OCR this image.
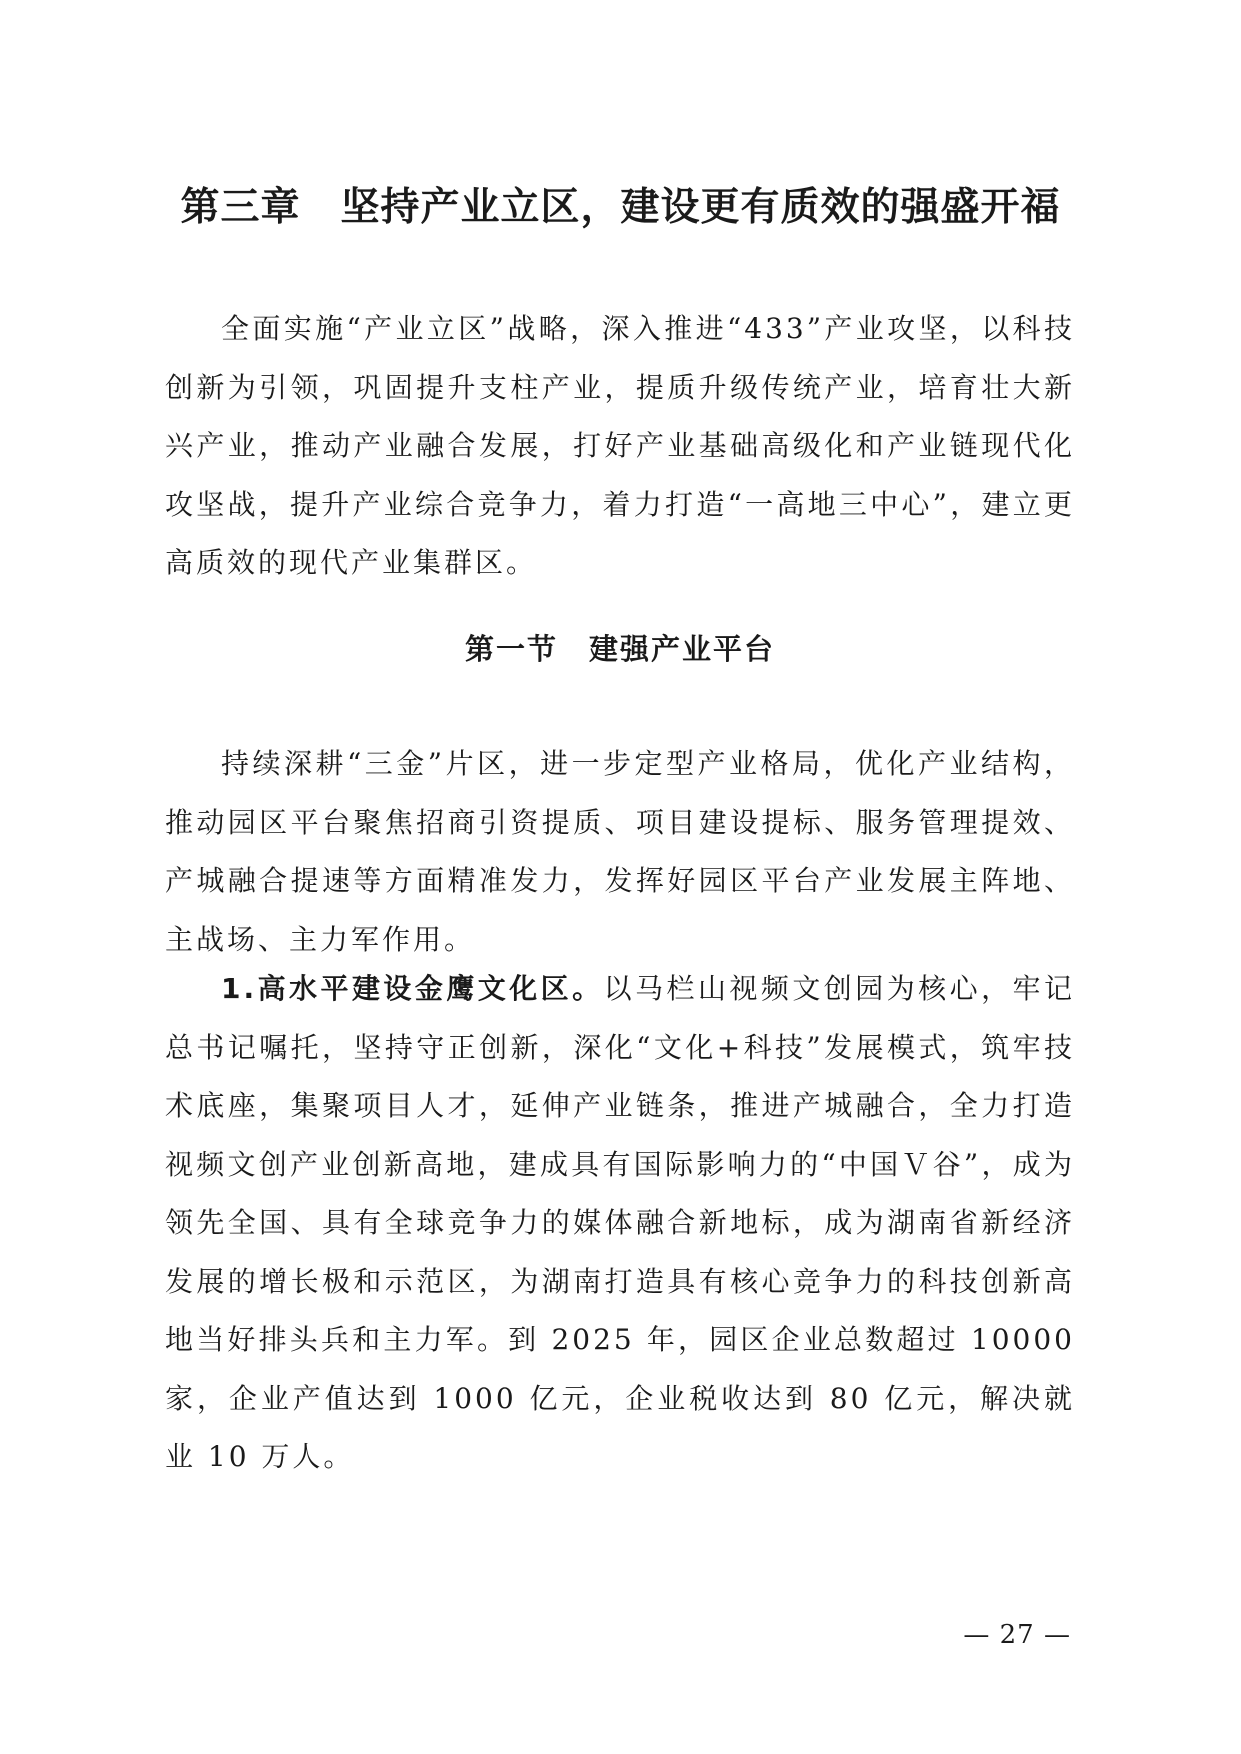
第三章　坚持产业立区，建设更有质效的强盛开福

全面实施“产业立区”战略，深入推进“433”产业攻坚，以科技创新为引领，巩固提升支柱产业，提质升级传统产业，培育壮大新兴产业，推动产业融合发展，打好产业基础高级化和产业链现代化攻坚战，提升产业综合竞争力，着力打造“一高地三中心”，建立更高质效的现代产业集群区。

第一节　建强产业平台

持续深耕“三金”片区，进一步定型产业格局，优化产业结构，推动园区平台聚焦招商引资提质、项目建设提标、服务管理提效、产城融合提速等方面精准发力，发挥好园区平台产业发展主阵地、主战场、主力军作用。

1.高水平建设金鹰文化区。以马栏山视频文创园为核心，牢记总书记嘱托，坚持守正创新，深化“文化+科技”发展模式，筑牢技术底座，集聚项目人才，延伸产业链条，推进产城融合，全力打造视频文创产业创新高地，建成具有国际影响力的“中国Ｖ谷”，成为领先全国、具有全球竞争力的媒体融合新地标，成为湖南省新经济发展的增长极和示范区，为湖南打造具有核心竞争力的科技创新高地当好排头兵和主力军。到 2025 年，园区企业总数超过 10000 家，企业产值达到 1000 亿元，企业税收达到 80 亿元，解决就业 10 万人。

— 27 —
